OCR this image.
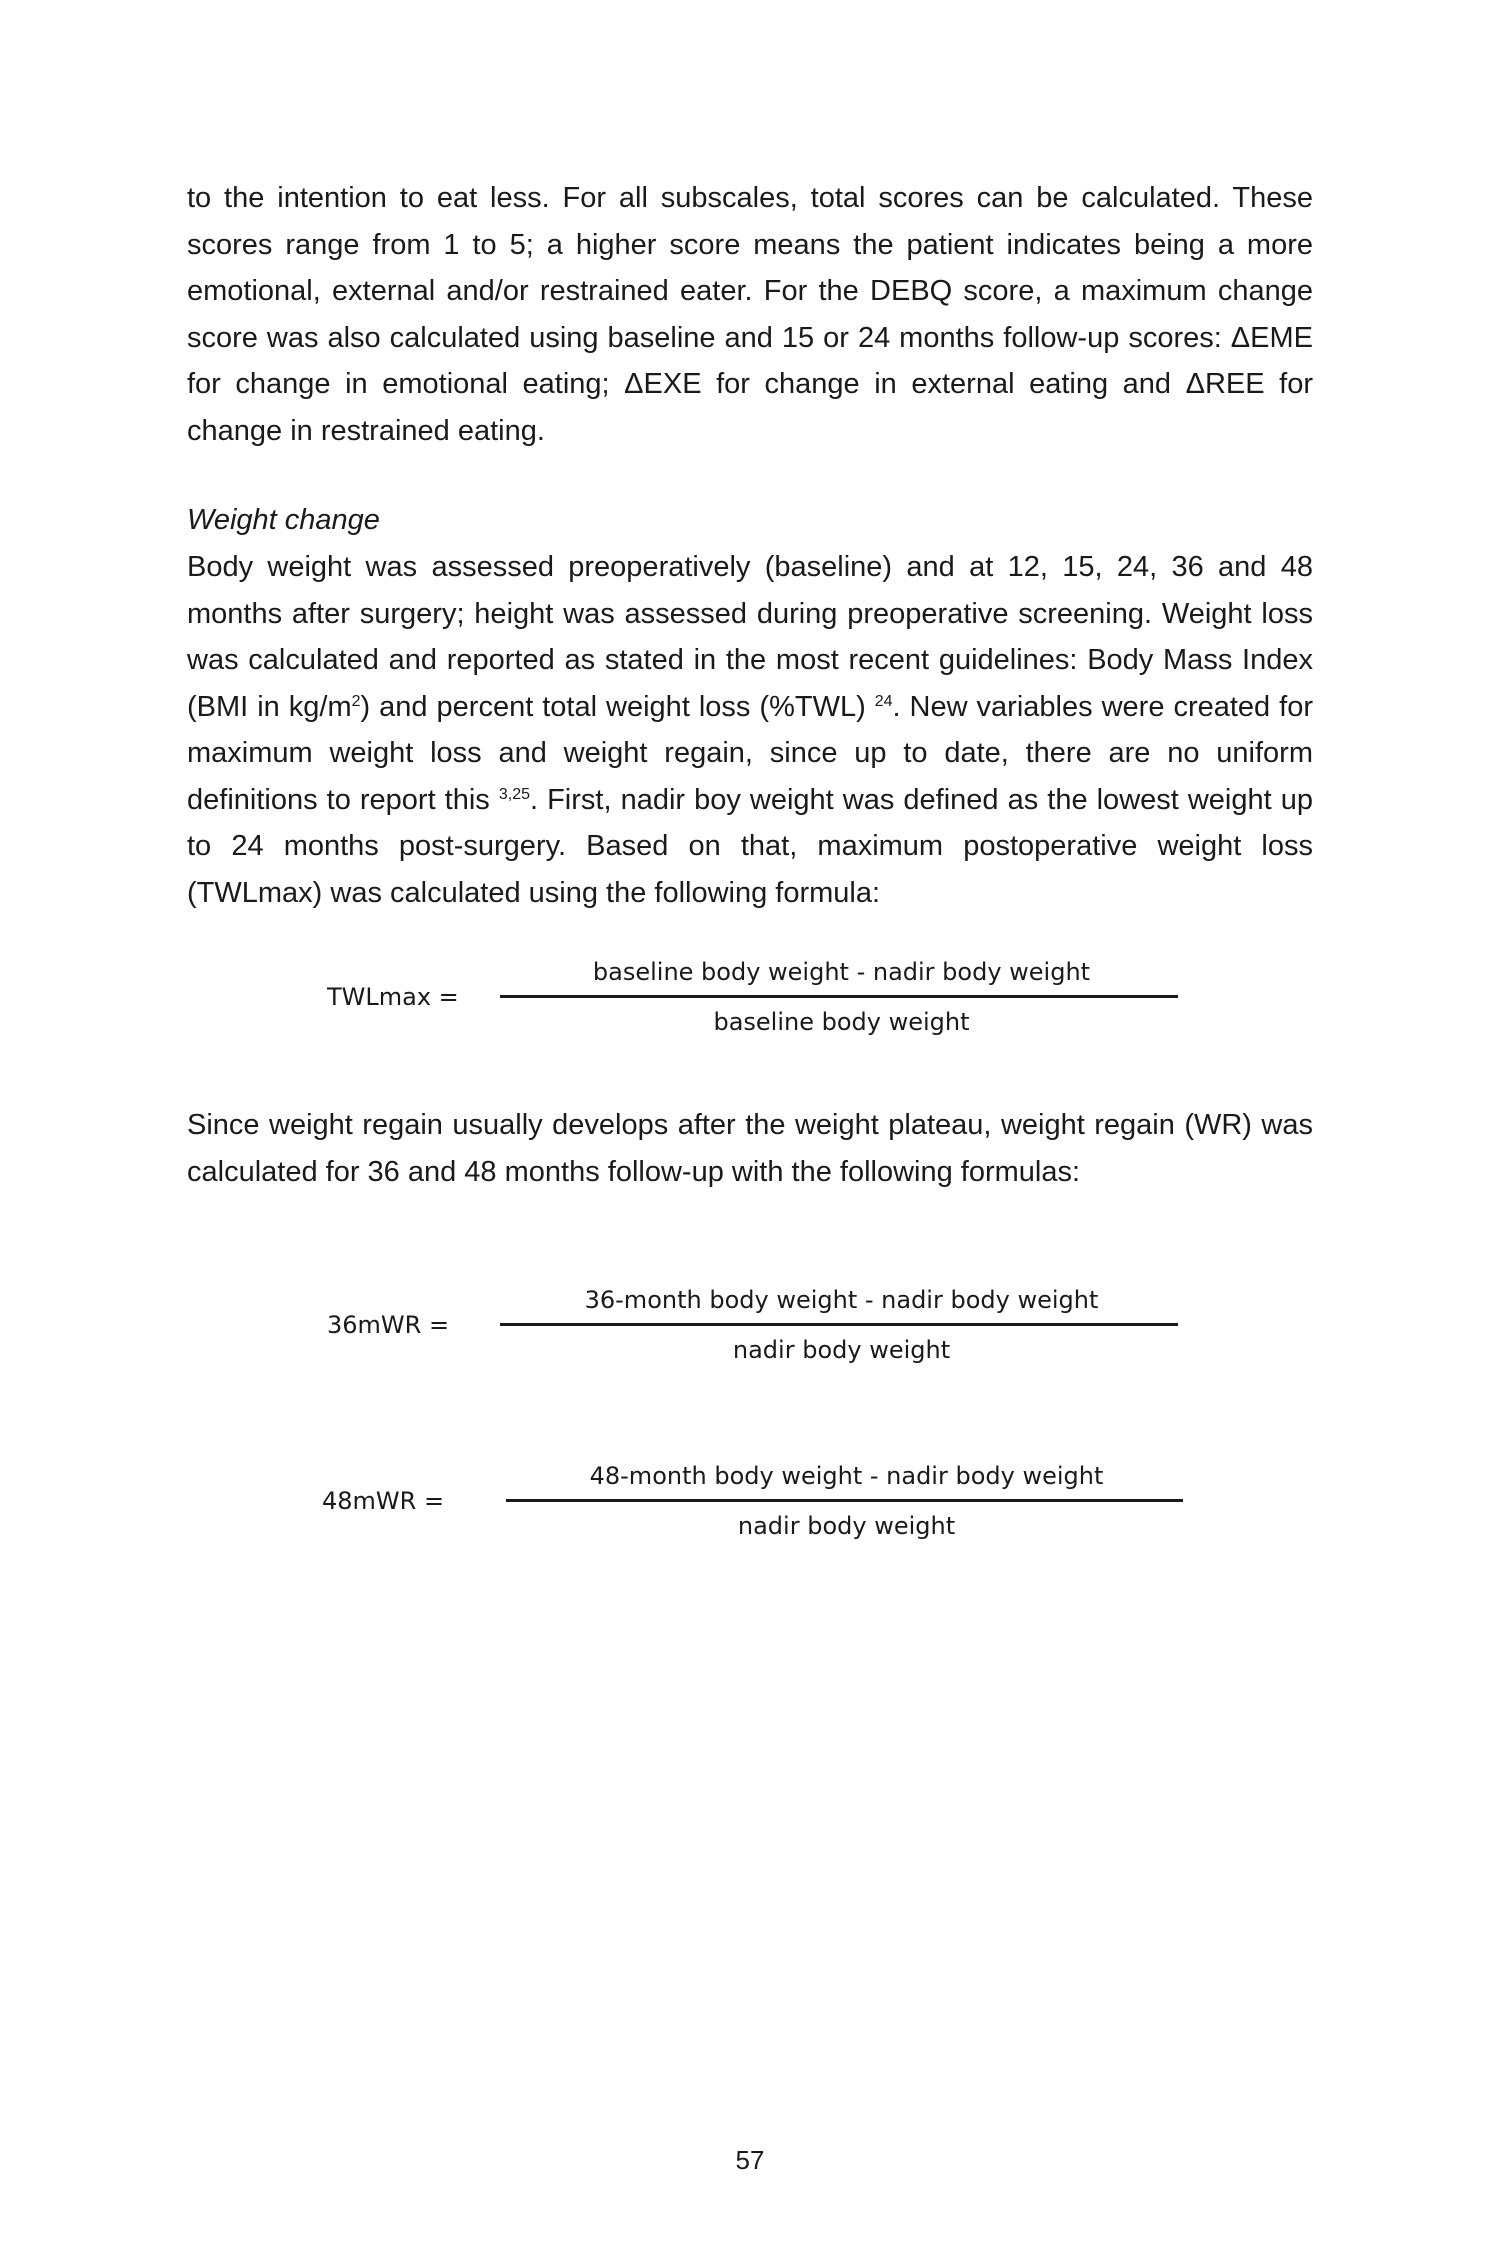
to the intention to eat less. For all subscales, total scores can be calculated. These scores range from 1 to 5; a higher score means the patient indicates being a more emotional, external and/or restrained eater. For the DEBQ score, a maximum change score was also calculated using baseline and 15 or 24 months follow-up scores: ΔEME for change in emotional eating; ΔEXE for change in external eating and ΔREE for change in restrained eating.

Weight change

Body weight was assessed preoperatively (baseline) and at 12, 15, 24, 36 and 48 months after surgery; height was assessed during preoperative screening. Weight loss was calculated and reported as stated in the most recent guidelines: Body Mass Index (BMI in $kg/m^2$) and percent total weight loss (%TWL) $^{24}$. New variables were created for maximum weight loss and weight regain, since up to date, there are no uniform definitions to report this $^{3,25}$. First, nadir boy weight was defined as the lowest weight up to 24 months post-surgery. Based on that, maximum postoperative weight loss (TWLmax) was calculated using the following formula:

TWLmax =
baseline body weight - nadir body weight
baseline body weight

Since weight regain usually develops after the weight plateau, weight regain (WR) was calculated for 36 and 48 months follow-up with the following formulas:

36mWR =
36-month body weight - nadir body weight
nadir body weight
48mWR =
48-month body weight - nadir body weight
nadir body weight

57
